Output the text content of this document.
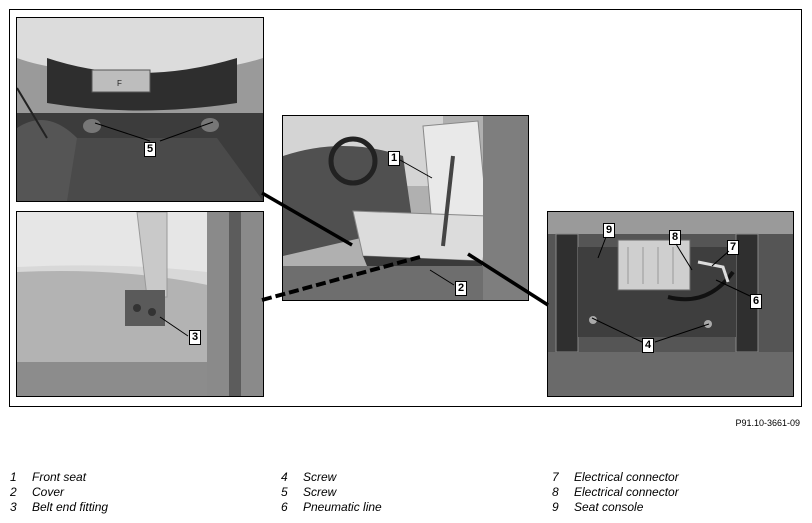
F
5
3
1
2
9
8
7
6
4
P91.10-3661-09
1 Front seat
2 Cover
3 Belt end fitting
4 Screw
5 Screw
6 Pneumatic line
7 Electrical connector
8 Electrical connector
9 Seat console
